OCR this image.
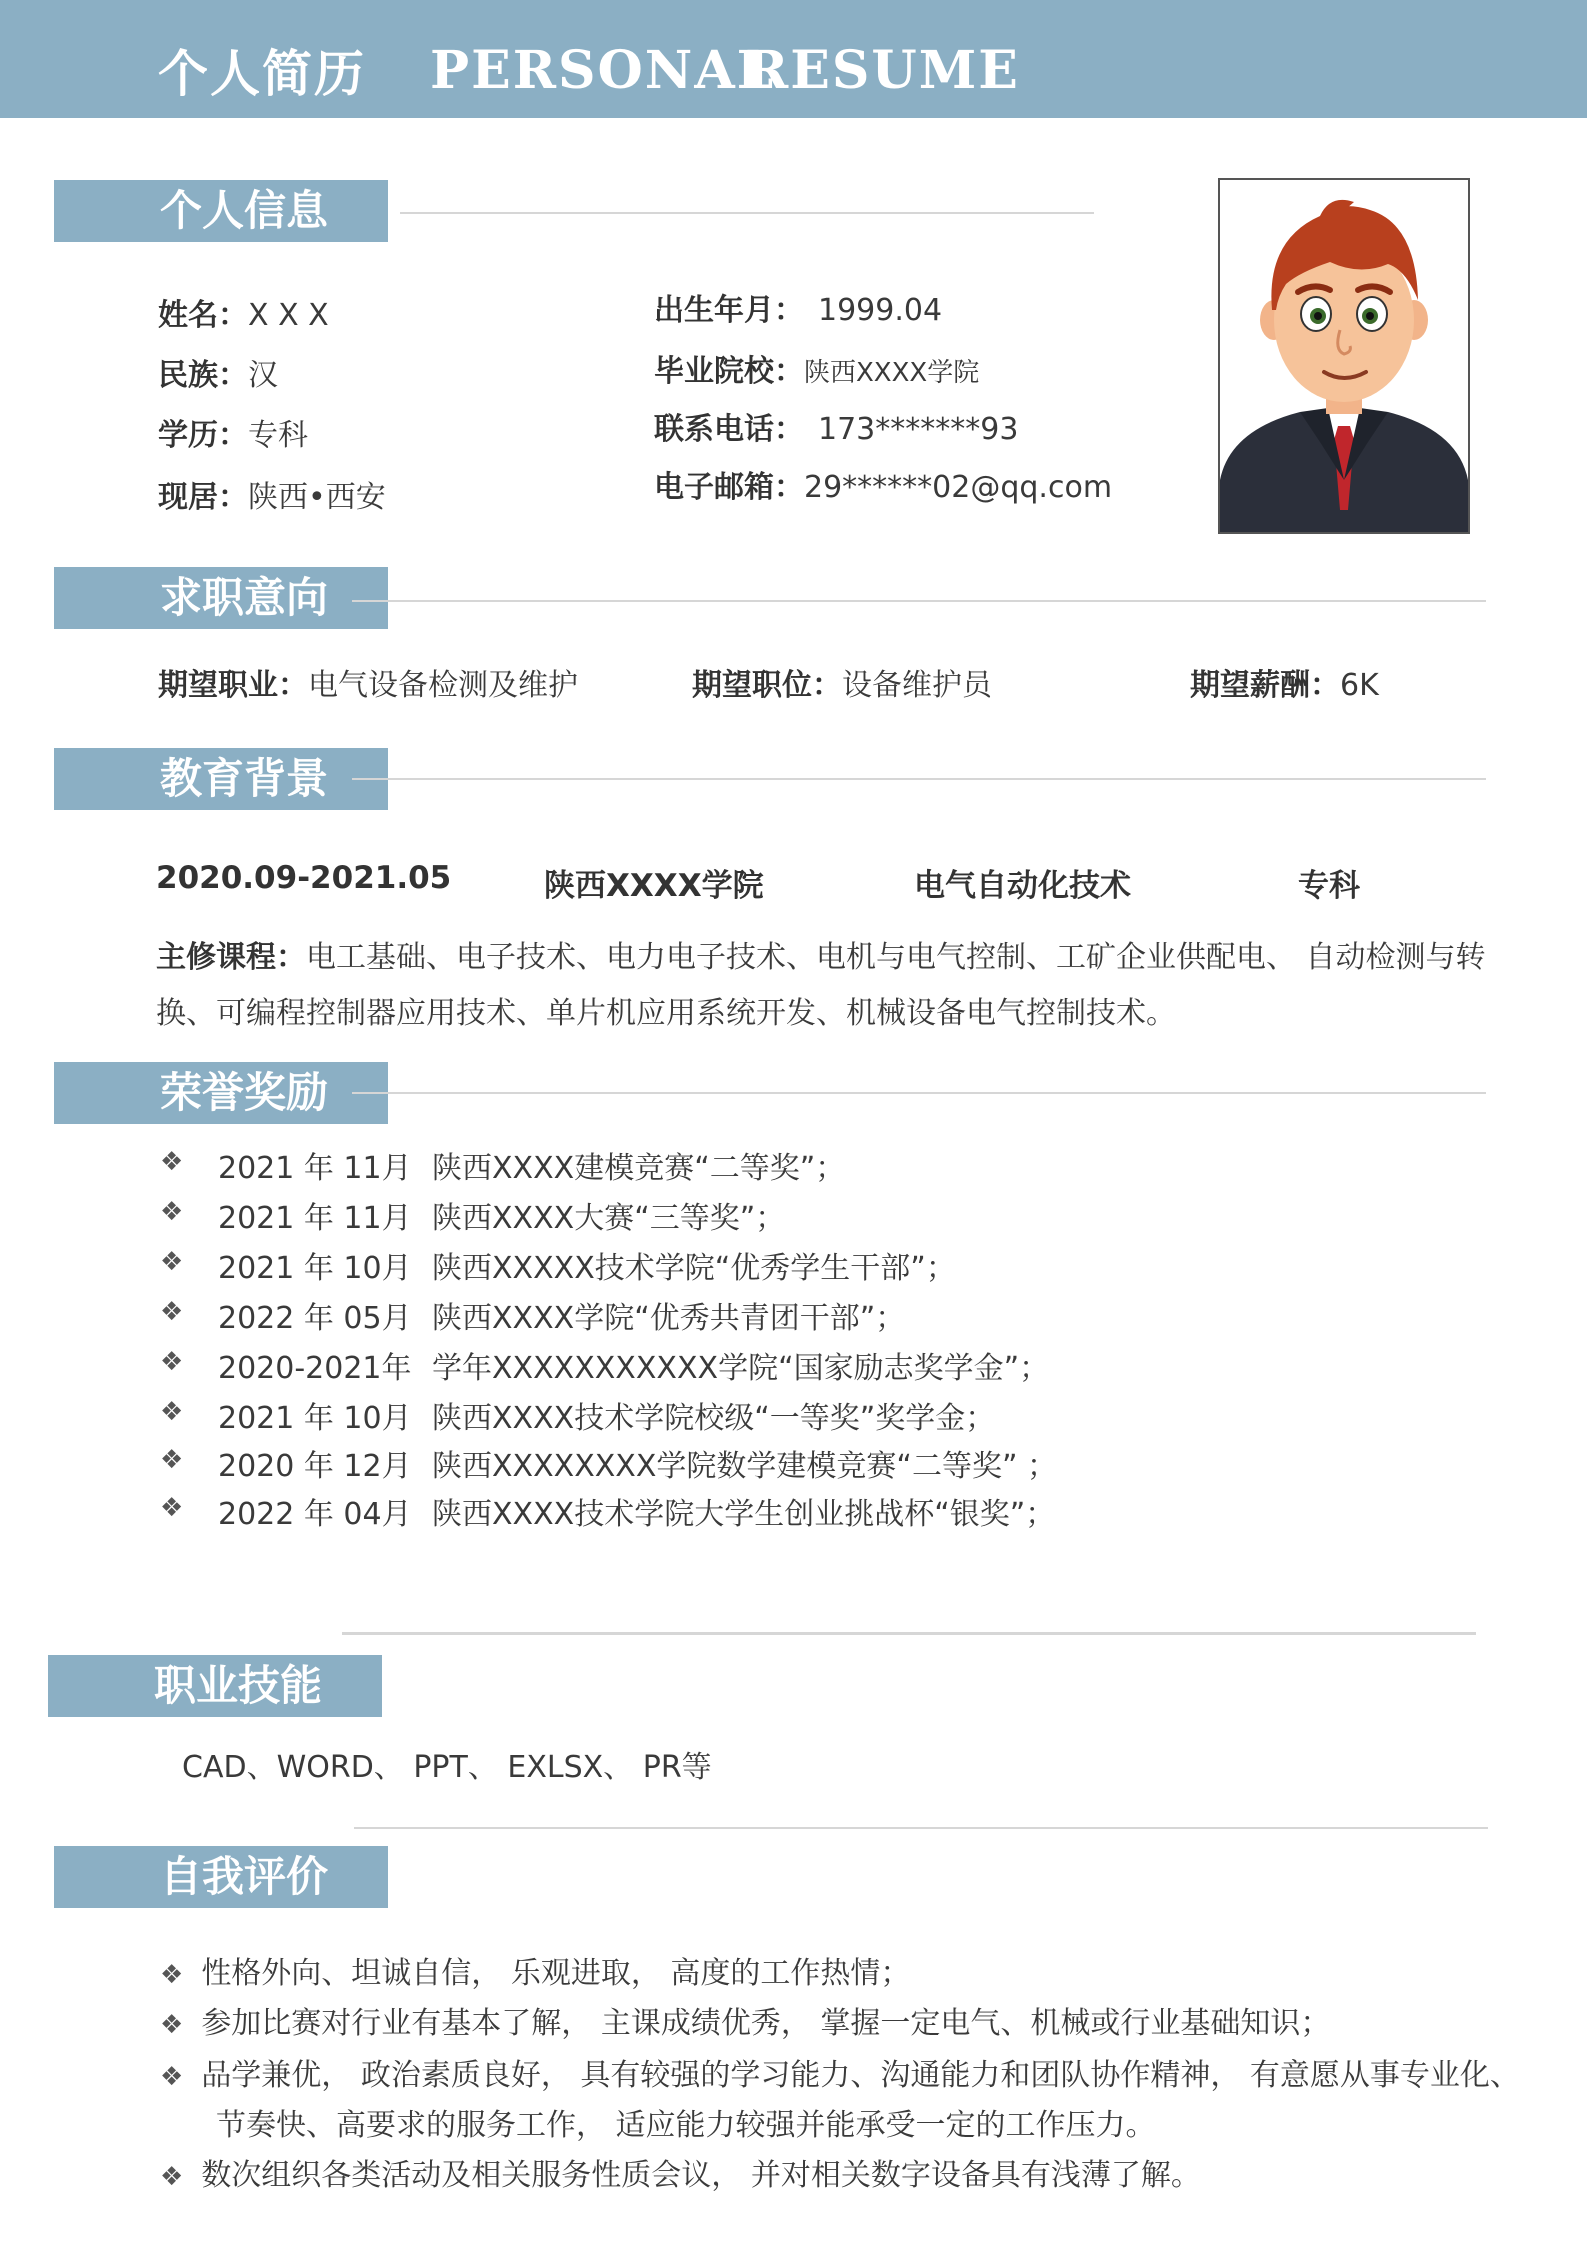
个人简历 PERSONAL
RESUME
个人信息
姓名：X X X
民族：汉
学历：专科
现居：陕西•西安
出生年月： 1999.04
毕业院校：陕西XXXX学院
联系电话： 173*******93
电子邮箱：29******02@qq.com
求职意向
期望职业：电气设备检测及维护	期望职位：设备维护员	期望薪酬：6K
教育背景
2020.09-2021.05	陕西XXXX学院	电气自动化技术	专科
主修课程：电工基础、电子技术、电力电子技术、电机与电气控制、工矿企业供配电、 自动检测与转
换、可编程控制器应用技术、单片机应用系统开发、机械设备电气控制技术。
荣誉奖励
❖ 2021 年 11月 陕西XXXX建模竞赛“二等奖”；
❖ 2021 年 11月 陕西XXXX大赛“三等奖”；
❖ 2021 年 10月 陕西XXXXX技术学院“优秀学生干部”；
❖ 2022 年 05月 陕西XXXX学院“优秀共青团干部”；
❖ 2020-2021年 学年XXXXXXXXXXX学院“国家励志奖学金”；
❖ 2021 年 10月 陕西XXXX技术学院校级“一等奖”奖学金；
❖ 2020 年 12月 陕西XXXXXXXX学院数学建模竞赛“二等奖” ；
❖ 2022 年 04月 陕西XXXX技术学院大学生创业挑战杯“银奖”；
职业技能
CAD、WORD、 PPT、 EXLSX、 PR等
自我评价
❖ 性格外向、坦诚自信， 乐观进取， 高度的工作热情；
❖ 参加比赛对行业有基本了解， 主课成绩优秀， 掌握一定电气、机械或行业基础知识；
❖ 品学兼优， 政治素质良好， 具有较强的学习能力、沟通能力和团队协作精神， 有意愿从事专业化、
❖ 数次组织各类活动及相关服务性质会议， 并对相关数字设备具有浅薄了解。
节奏快、高要求的服务工作， 适应能力较强并能承受一定的工作压力。
